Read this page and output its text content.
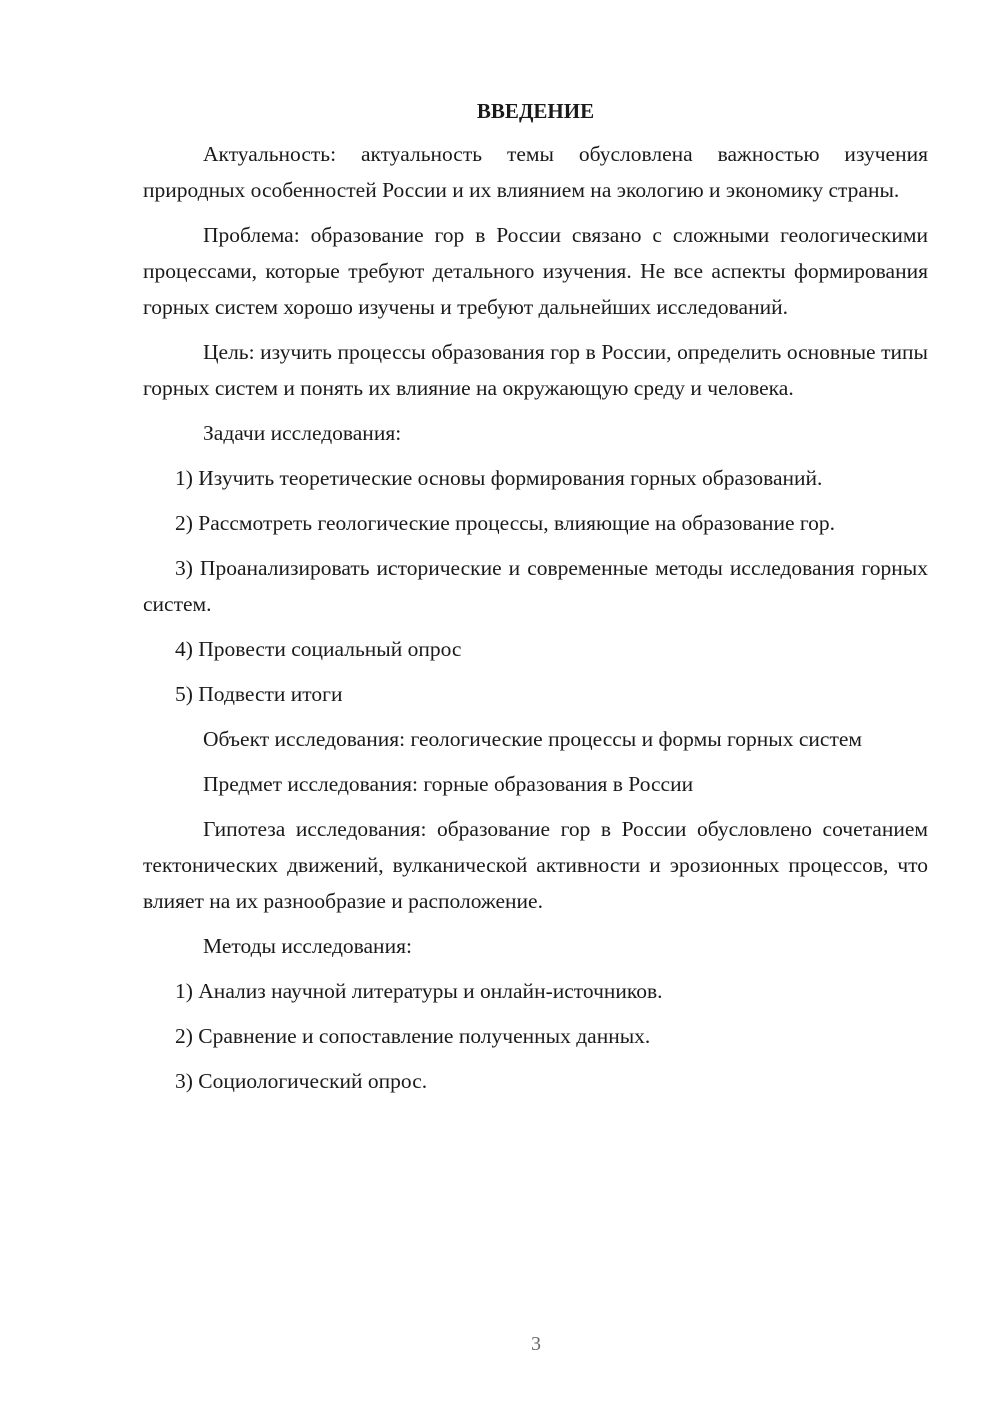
ВВЕДЕНИЕ
Актуальность: актуальность темы обусловлена важностью изучения природных особенностей России и их влиянием на экологию и экономику страны.
Проблема: образование гор в России связано с сложными геологическими процессами, которые требуют детального изучения. Не все аспекты формирования горных систем хорошо изучены и требуют дальнейших исследований.
Цель: изучить процессы образования гор в России, определить основные типы горных систем и понять их влияние на окружающую среду и человека.
Задачи исследования:
1) Изучить теоретические основы формирования горных образований.
2) Рассмотреть геологические процессы, влияющие на образование гор.
3) Проанализировать исторические и современные методы исследования горных систем.
4) Провести социальный опрос
5) Подвести итоги
Объект исследования: геологические процессы и формы горных систем
Предмет исследования: горные образования в России
Гипотеза исследования: образование гор в России обусловлено сочетанием тектонических движений, вулканической активности и эрозионных процессов, что влияет на их разнообразие и расположение.
Методы исследования:
1) Анализ научной литературы и онлайн-источников.
2) Сравнение и сопоставление полученных данных.
3) Социологический опрос.
3
